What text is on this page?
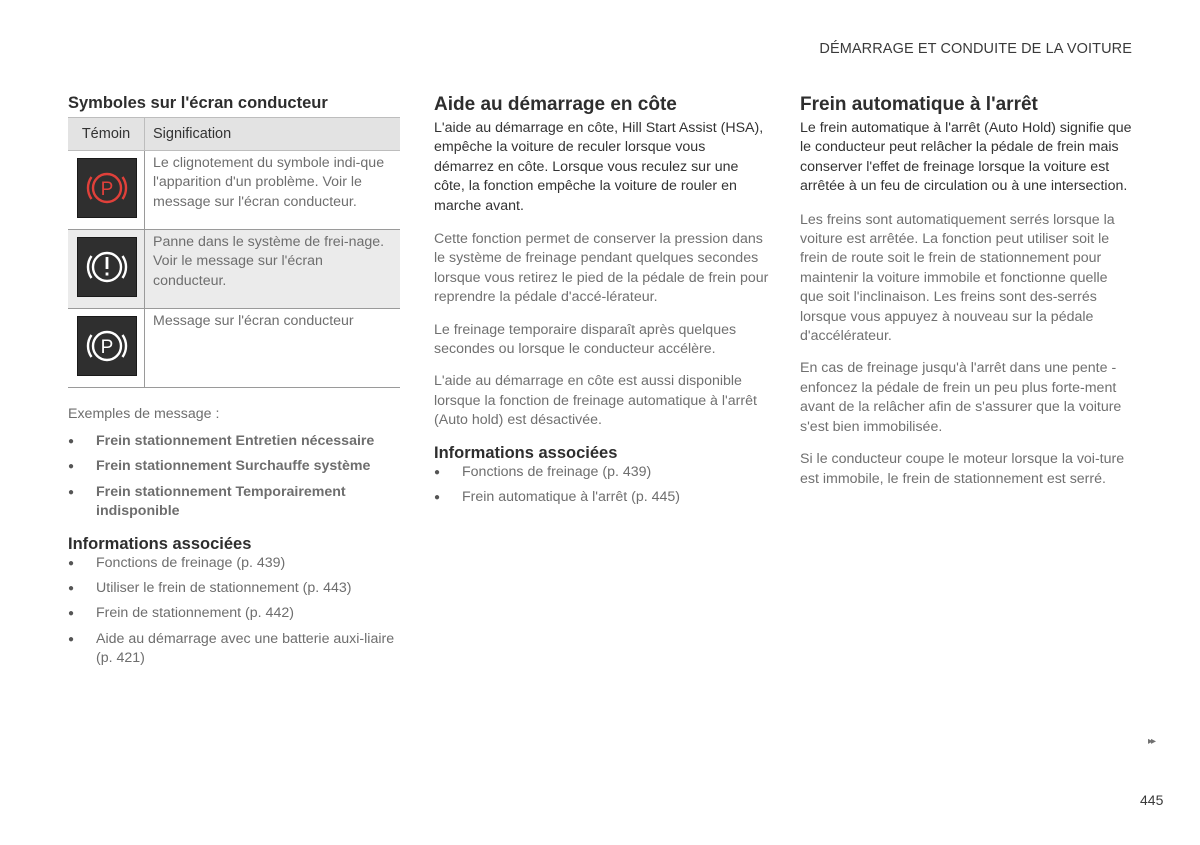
DÉMARRAGE ET CONDUITE DE LA VOITURE
Symboles sur l'écran conducteur
Témoin	Signification

P	Le clignotement du symbole indi-que l'apparition d'un problème. Voir le message sur l'écran conducteur.

	Panne dans le système de frei-nage. Voir le message sur l'écran conducteur.

P	Message sur l'écran conducteur
Exemples de message :
● Frein stationnement Entretien nécessaire
● Frein stationnement Surchauffe système
● Frein stationnement Temporairement indisponible
Informations associées
● Fonctions de freinage (p. 439)
● Utiliser le frein de stationnement (p. 443)
● Frein de stationnement (p. 442)
● Aide au démarrage avec une batterie auxi-liaire (p. 421)
Aide au démarrage en côte

L'aide au démarrage en côte, Hill Start Assist (HSA), empêche la voiture de reculer lorsque vous démarrez en côte. Lorsque vous reculez sur une côte, la fonction empêche la voiture de rouler en marche avant.

Cette fonction permet de conserver la pression dans le système de freinage pendant quelques secondes lorsque vous retirez le pied de la pédale de frein pour reprendre la pédale d'accé-lérateur.

Le freinage temporaire disparaît après quelques secondes ou lorsque le conducteur accélère.

L'aide au démarrage en côte est aussi disponible lorsque la fonction de freinage automatique à l'arrêt (Auto hold) est désactivée.

Informations associées
● Fonctions de freinage (p. 439)
● Frein automatique à l'arrêt (p. 445)
Frein automatique à l'arrêt

Le frein automatique à l'arrêt (Auto Hold) signifie que le conducteur peut relâcher la pédale de frein mais conserver l'effet de freinage lorsque la voiture est arrêtée à un feu de circulation ou à une intersection.

Les freins sont automatiquement serrés lorsque la voiture est arrêtée. La fonction peut utiliser soit le frein de route soit le frein de stationnement pour maintenir la voiture immobile et fonctionne quelle que soit l'inclinaison. Les freins sont des-serrés lorsque vous appuyez à nouveau sur la pédale d'accélérateur.

En cas de freinage jusqu'à l'arrêt dans une pente - enfoncez la pédale de frein un peu plus forte-ment avant de la relâcher afin de s'assurer que la voiture s'est bien immobilisée.

Si le conducteur coupe le moteur lorsque la voi-ture est immobile, le frein de stationnement est serré.

▸▸
445
